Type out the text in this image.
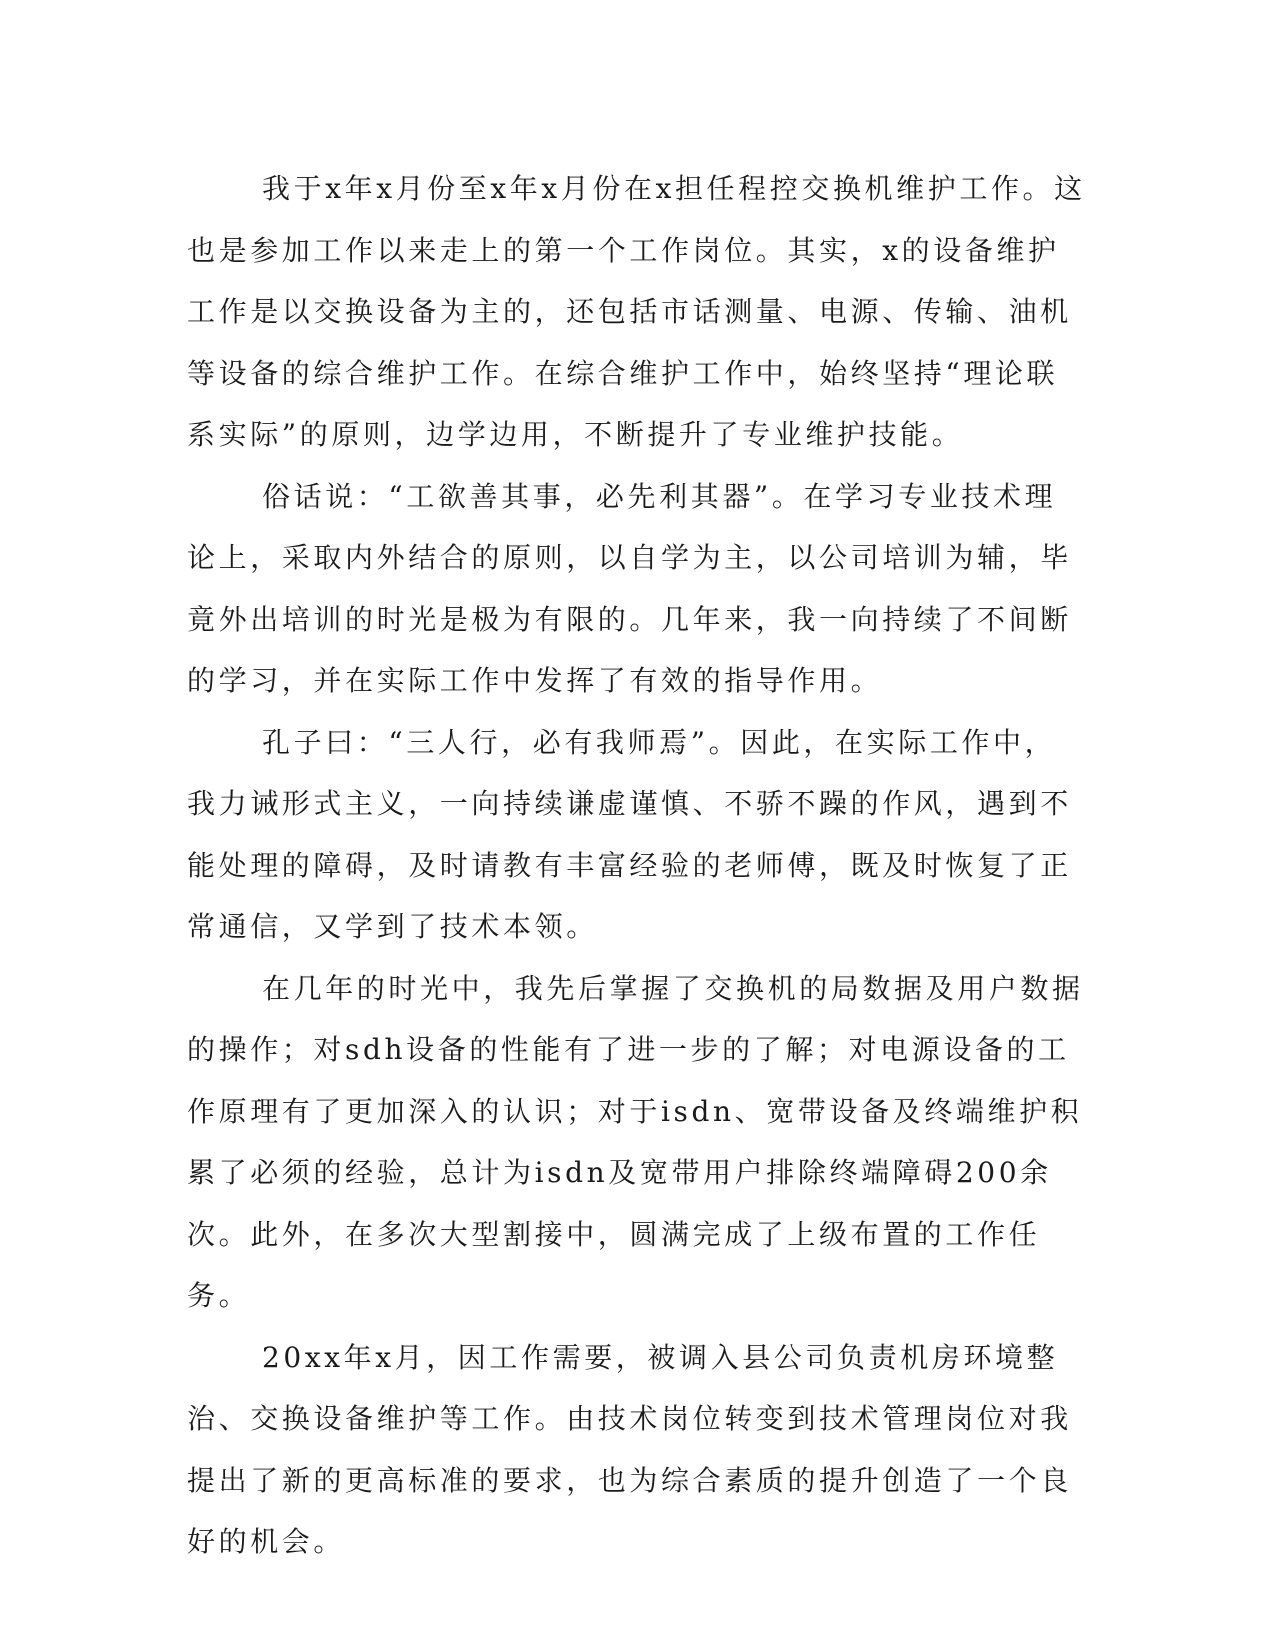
我于x年x月份至x年x月份在x担任程控交换机维护工作。这也是参加工作以来走上的第一个工作岗位。其实，x的设备维护工作是以交换设备为主的，还包括市话测量、电源、传输、油机等设备的综合维护工作。在综合维护工作中，始终坚持“理论联系实际”的原则，边学边用，不断提升了专业维护技能。

俗话说：“工欲善其事，必先利其器”。在学习专业技术理论上，采取内外结合的原则，以自学为主，以公司培训为辅，毕竟外出培训的时光是极为有限的。几年来，我一向持续了不间断的学习，并在实际工作中发挥了有效的指导作用。

孔子曰：“三人行，必有我师焉”。因此，在实际工作中，我力诫形式主义，一向持续谦虚谨慎、不骄不躁的作风，遇到不能处理的障碍，及时请教有丰富经验的老师傅，既及时恢复了正常通信，又学到了技术本领。

在几年的时光中，我先后掌握了交换机的局数据及用户数据的操作；对sdh设备的性能有了进一步的了解；对电源设备的工作原理有了更加深入的认识；对于isdn、宽带设备及终端维护积累了必须的经验，总计为isdn及宽带用户排除终端障碍200余次。此外，在多次大型割接中，圆满完成了上级布置的工作任务。

20xx年x月，因工作需要，被调入县公司负责机房环境整治、交换设备维护等工作。由技术岗位转变到技术管理岗位对我提出了新的更高标准的要求，也为综合素质的提升创造了一个良好的机会。
